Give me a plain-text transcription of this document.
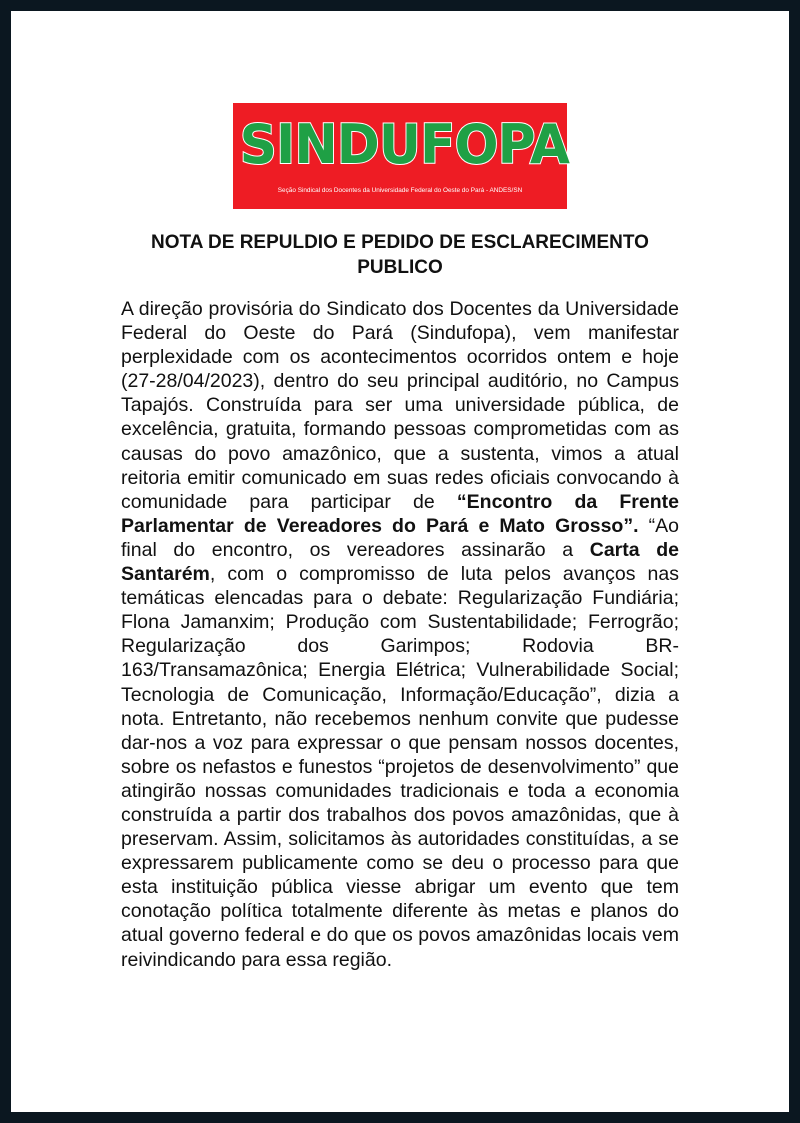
SINDUFOPA
Seção Sindical dos Docentes da Universidade Federal do Oeste do Pará - ANDES/SN
NOTA DE REPULDIO E PEDIDO DE ESCLARECIMENTO PUBLICO
A direção provisória do Sindicato dos Docentes da Universidade Federal do Oeste do Pará (Sindufopa), vem manifestar perplexidade com os acontecimentos ocorridos ontem e hoje (27-28/04/2023), dentro do seu principal auditório, no Campus Tapajós. Construída para ser uma universidade pública, de excelência, gratuita, formando pessoas comprometidas com as causas do povo amazônico, que a sustenta, vimos a atual reitoria emitir comunicado em suas redes oficiais convocando à comunidade para participar de “Encontro da Frente Parlamentar de Vereadores do Pará e Mato Grosso”. “Ao final do encontro, os vereadores assinarão a Carta de Santarém, com o compromisso de luta pelos avanços nas temáticas elencadas para o debate: Regularização Fundiária; Flona Jamanxim; Produção com Sustentabilidade; Ferrogrão; Regularização dos Garimpos; Rodovia BR-163/Transamazônica; Energia Elétrica; Vulnerabilidade Social; Tecnologia de Comunicação, Informação/Educação”, dizia a nota. Entretanto, não recebemos nenhum convite que pudesse dar-nos a voz para expressar o que pensam nossos docentes, sobre os nefastos e funestos “projetos de desenvolvimento” que atingirão nossas comunidades tradicionais e toda a economia construída a partir dos trabalhos dos povos amazônidas, que à preservam. Assim, solicitamos às autoridades constituídas, a se expressarem publicamente como se deu o processo para que esta instituição pública viesse abrigar um evento que tem conotação política totalmente diferente às metas e planos do atual governo federal e do que os povos amazônidas locais vem reivindicando para essa região.
